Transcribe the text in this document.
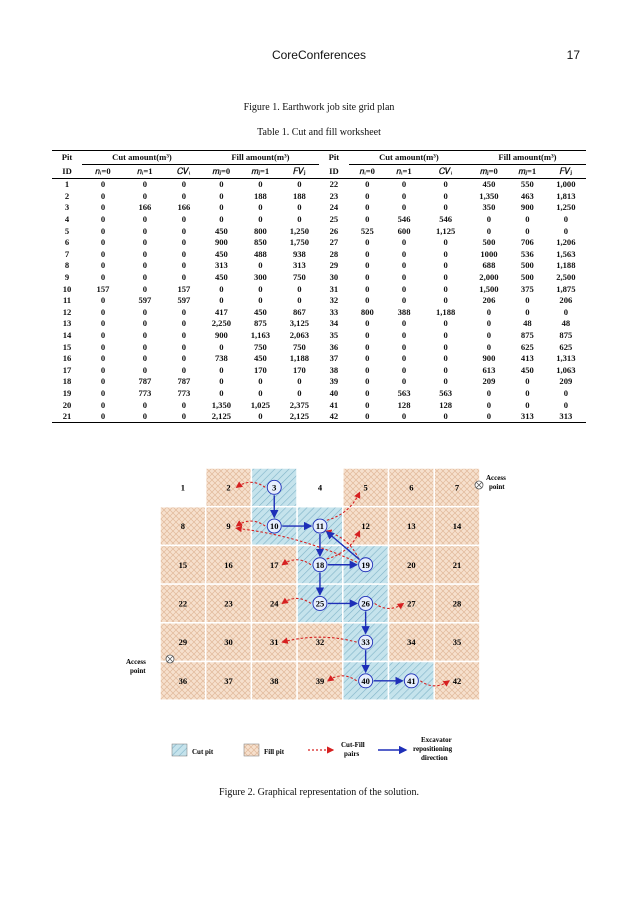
CoreConferences	17
Figure 1. Earthwork job site grid plan
Table 1. Cut and fill worksheet
Pit	Cut amount(m³)			Fill amount(m³)			Pit	Cut amount(m³)			Fill amount(m³)		
ID	𝑛ᵢ=0	𝑛ᵢ=1	𝐶𝑉ᵢ	𝑚ⱼ=0	𝑚ⱼ=1	𝐹𝑉ⱼ	ID	𝑛ᵢ=0	𝑛ᵢ=1	𝐶𝑉ᵢ	𝑚ⱼ=0	𝑚ⱼ=1	𝐹𝑉ⱼ
1	0	0	0	0	0	0	22	0	0	0	450	550	1,000
2	0	0	0	0	188	188	23	0	0	0	1,350	463	1,813
3	0	166	166	0	0	0	24	0	0	0	350	900	1,250
4	0	0	0	0	0	0	25	0	546	546	0	0	0
5	0	0	0	450	800	1,250	26	525	600	1,125	0	0	0
6	0	0	0	900	850	1,750	27	0	0	0	500	706	1,206
7	0	0	0	450	488	938	28	0	0	0	1000	536	1,563
8	0	0	0	313	0	313	29	0	0	0	688	500	1,188
9	0	0	0	450	300	750	30	0	0	0	2,000	500	2,500
10	157	0	157	0	0	0	31	0	0	0	1,500	375	1,875
11	0	597	597	0	0	0	32	0	0	0	206	0	206
12	0	0	0	417	450	867	33	800	388	1,188	0	0	0
13	0	0	0	2,250	875	3,125	34	0	0	0	0	48	48
14	0	0	0	900	1,163	2,063	35	0	0	0	0	875	875
15	0	0	0	0	750	750	36	0	0	0	0	625	625
16	0	0	0	738	450	1,188	37	0	0	0	900	413	1,313
17	0	0	0	0	170	170	38	0	0	0	613	450	1,063
18	0	787	787	0	0	0	39	0	0	0	209	0	209
19	0	773	773	0	0	0	40	0	563	563	0	0	0
20	0	0	0	1,350	1,025	2,375	41	0	128	128	0	0	0
21	0	0	0	2,125	0	2,125	42	0	0	0	0	313	313
1	2	3	4	5	6	7
8	9	10	11	12	13	14
15	16	17	18	19	20	21
22	23	24	25	26	27	28
29	30	31	32	33	34	35
36	37	38	39	40	41	42
Access point
Access point
Cut pit	Fill pit
Cut-Fill pairs
Excavator repositioning direction
Figure 2. Graphical representation of the solution.
